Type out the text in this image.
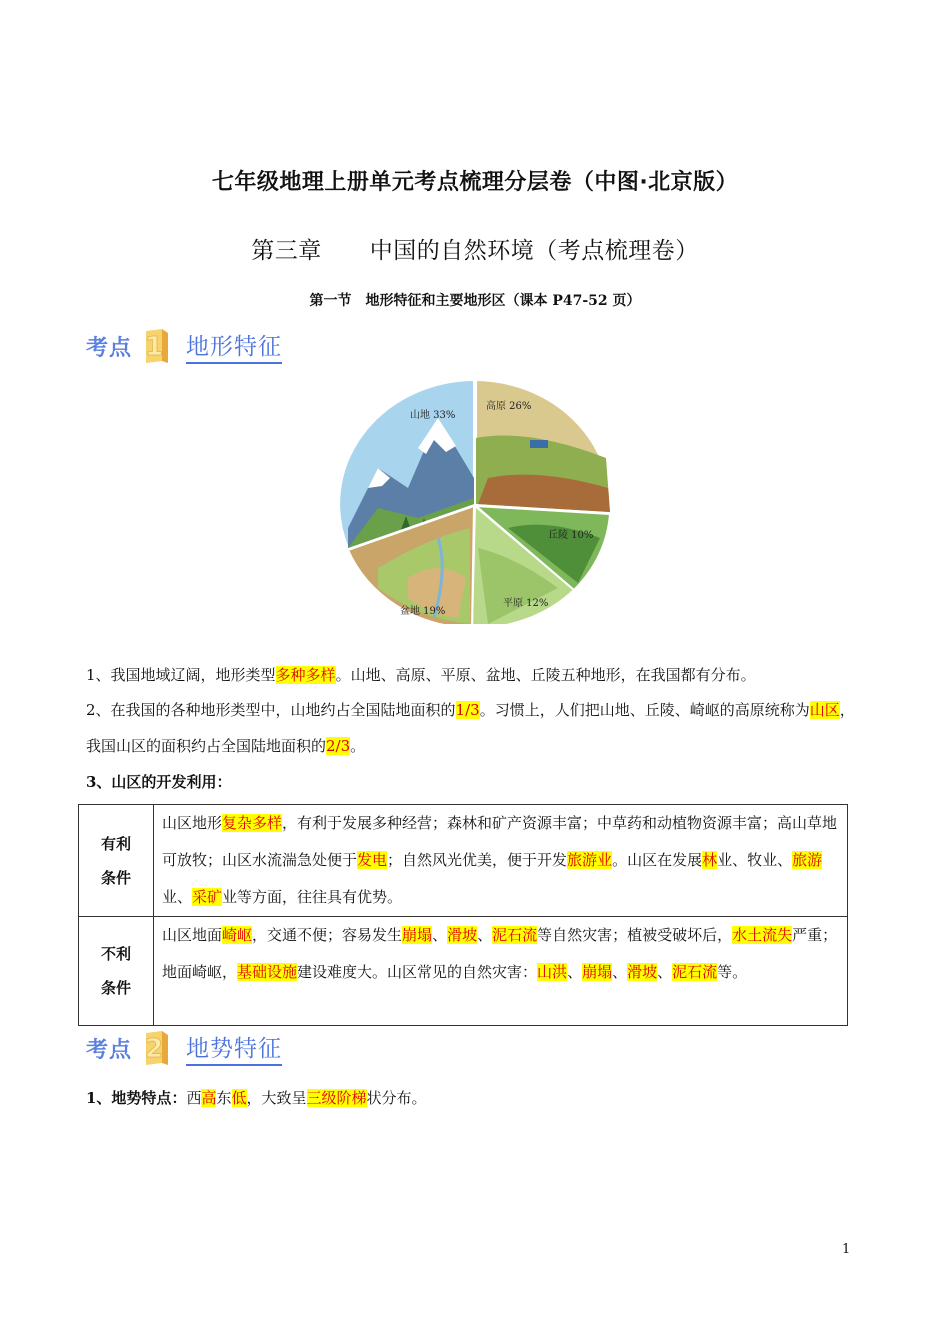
七年级地理上册单元考点梳理分层卷（中图·北京版）
第三章 中国的自然环境（考点梳理卷）
第一节　地形特征和主要地形区（课本 P47-52 页）
考点 1 地形特征
山地 33%
高原 26%
丘陵 10%
平原 12%
盆地 19%
1、我国地域辽阔，地形类型多种多样。山地、高原、平原、盆地、丘陵五种地形，在我国都有分布。
2、在我国的各种地形类型中，山地约占全国陆地面积的1/3。习惯上，人们把山地、丘陵、崎岖的高原统称为山区，我国山区的面积约占全国陆地面积的2/3。
3、山区的开发利用：
有利
条件	山区地形复杂多样，有利于发展多种经营；森林和矿产资源丰富；中草药和动植物资源丰富；高山草地可放牧；山区水流湍急处便于发电；自然风光优美，便于开发旅游业。山区在发展林业、牧业、旅游业、采矿业等方面，往往具有优势。

不利
条件	山区地面崎岖，交通不便；容易发生崩塌、滑坡、泥石流等自然灾害；植被受破坏后，水土流失严重；地面崎岖，基础设施建设难度大。山区常见的自然灾害：山洪、崩塌、滑坡、泥石流等。
考点 2 地势特征
1、地势特点：西高东低，大致呈三级阶梯状分布。
1
